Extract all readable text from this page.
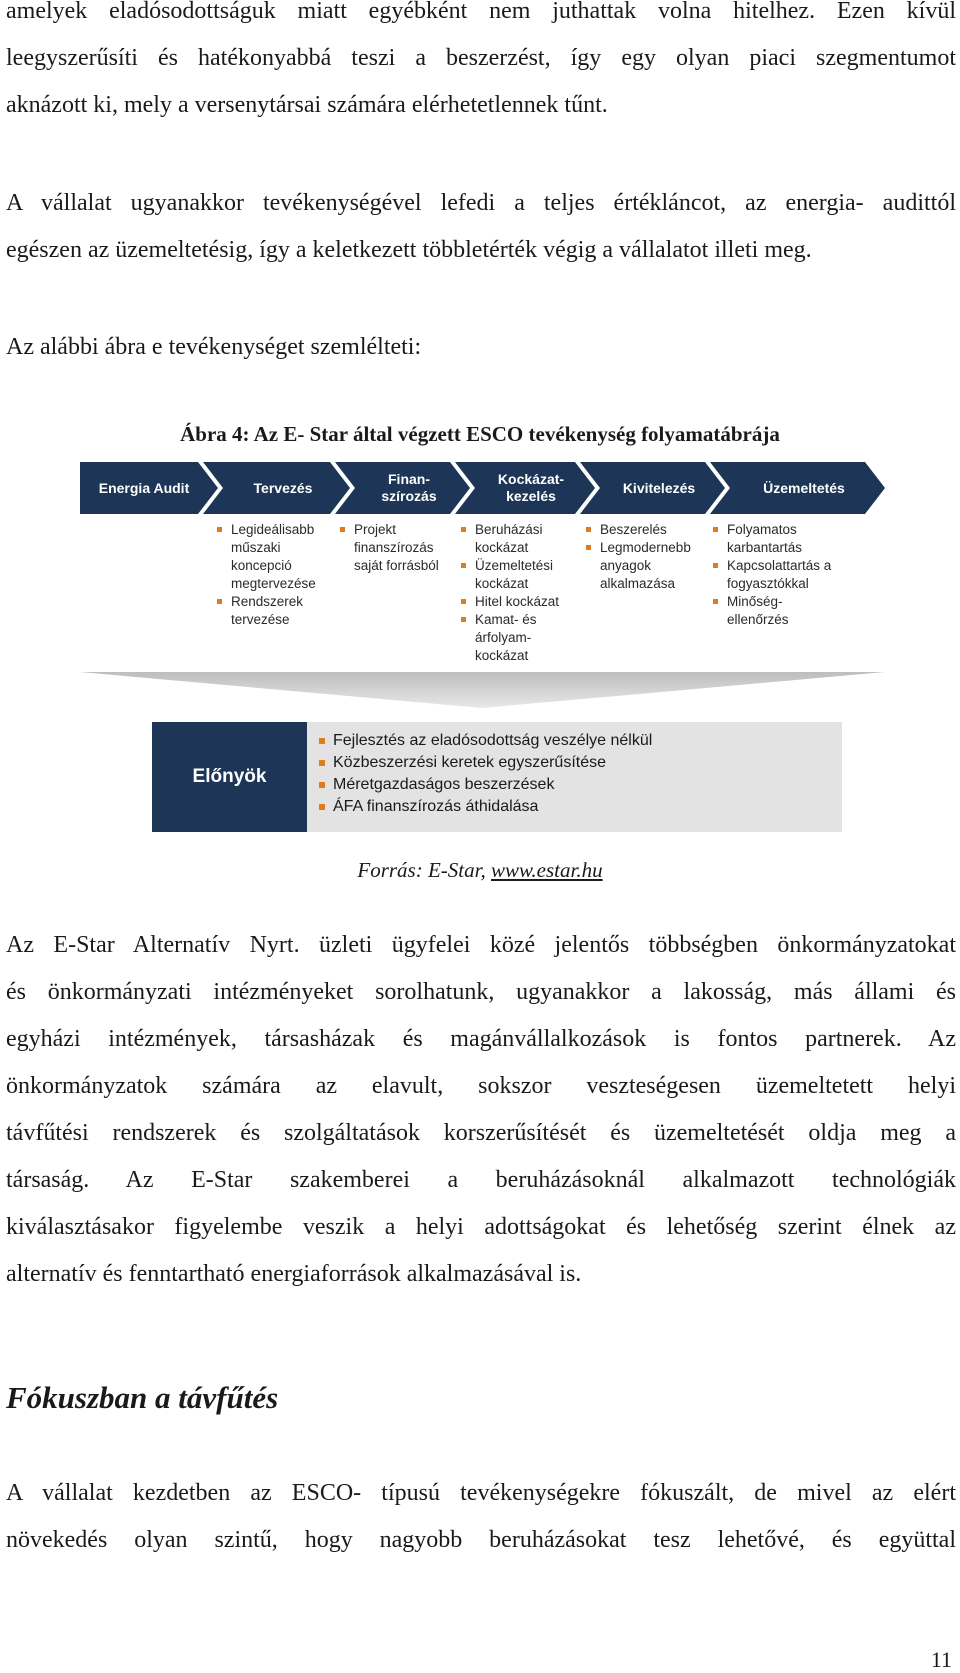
amelyek eladósodottságuk miatt egyébként nem juthattak volna hitelhez. Ezen kívül
leegyszerűsíti és hatékonyabbá teszi a beszerzést, így egy olyan piaci szegmentumot
aknázott ki, mely a versenytársai számára elérhetetlennek tűnt.
A vállalat ugyanakkor tevékenységével lefedi a teljes értékláncot, az energia- audittól
egészen az üzemeltetésig, így a keletkezett többletérték végig a vállalatot illeti meg.
Az alábbi ábra e tevékenységet szemlélteti:

Ábra 4: Az E- Star által végzett ESCO tevékenység folyamatábrája

Energia Audit	Tervezés
Finan-
szírozás
Kockázat-
kezelés
Kivitelezés	Üzemeltetés
Legideálisabb műszaki koncepció megtervezése
Rendszerek tervezése
Projekt finanszírozás saját forrásból
Beruházási kockázat
Üzemeltetési kockázat
Hitel kockázat
Kamat- és árfolyam-kockázat
Beszerelés
Legmodernebb anyagok alkalmazása
Folyamatos karbantartás
Kapcsolattartás a fogyasztókkal
Minőség-ellenőrzés
Előnyök
Fejlesztés az eladósodottság veszélye nélkül
Közbeszerzési keretek egyszerűsítése
Méretgazdaságos beszerzések
ÁFA finanszírozás áthidalása

Forrás: E-Star, www.estar.hu

Az E-Star Alternatív Nyrt. üzleti ügyfelei közé jelentős többségben önkormányzatokat
és önkormányzati intézményeket sorolhatunk, ugyanakkor a lakosság, más állami és
egyházi intézmények, társasházak és magánvállalkozások is fontos partnerek. Az
önkormányzatok számára az elavult, sokszor veszteségesen üzemeltetett helyi
távfűtési rendszerek és szolgáltatások korszerűsítését és üzemeltetését oldja meg a
társaság. Az E-Star szakemberei a beruházásoknál alkalmazott technológiák
kiválasztásakor figyelembe veszik a helyi adottságokat és lehetőség szerint élnek az
alternatív és fenntartható energiaforrások alkalmazásával is.
Fókuszban a távfűtés
A vállalat kezdetben az ESCO- típusú tevékenységekre fókuszált, de mivel az elért
növekedés olyan szintű, hogy nagyobb beruházásokat tesz lehetővé, és együttal
11
